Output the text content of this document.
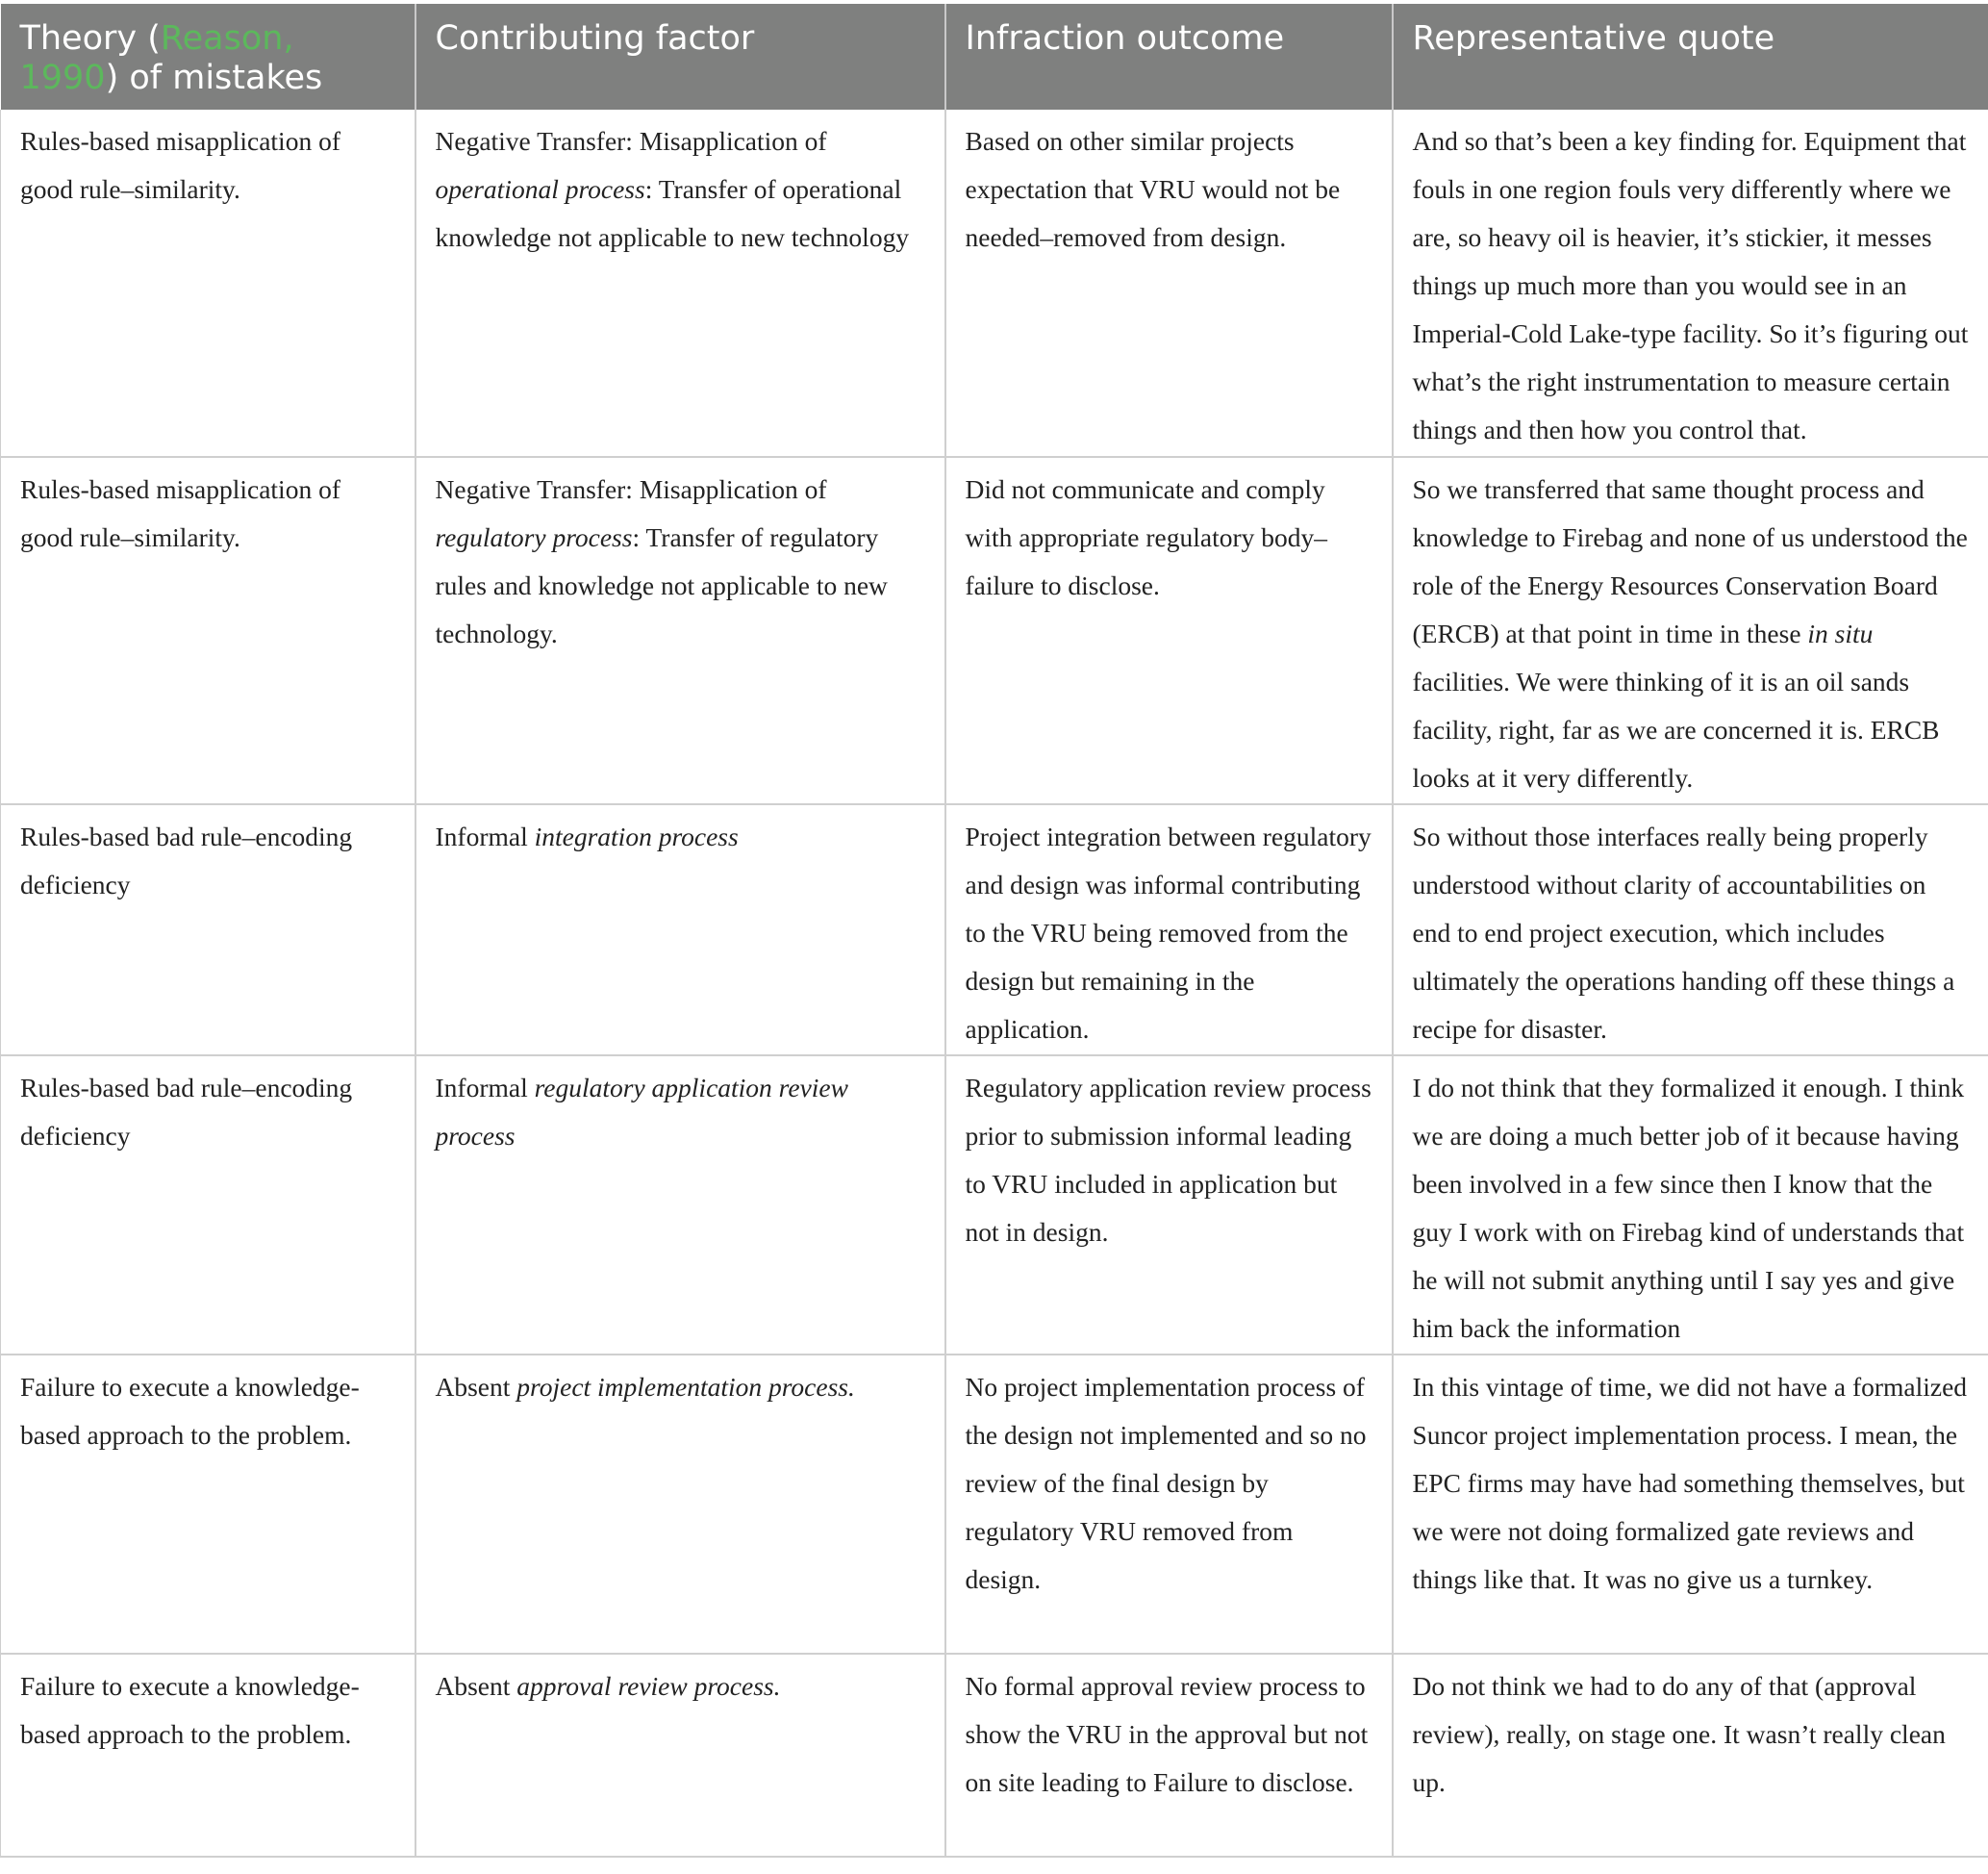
Theory (Reason, 1990) of mistakes	Contributing factor	Infraction outcome	Representative quote
Rules-based misapplication of good rule–similarity.	Negative Transfer: Misapplication of operational process: Transfer of operational knowledge not applicable to new technology	Based on other similar projects expectation that VRU would not be needed–removed from design.	And so that’s been a key finding for. Equipment that fouls in one region fouls very differently where we are, so heavy oil is heavier, it’s stickier, it messes things up much more than you would see in an Imperial-Cold Lake-type facility. So it’s figuring out what’s the right instrumentation to measure certain things and then how you control that.
Rules-based misapplication of good rule–similarity.	Negative Transfer: Misapplication of regulatory process: Transfer of regulatory rules and knowledge not applicable to new technology.	Did not communicate and comply with appropriate regulatory body–failure to disclose.	So we transferred that same thought process and knowledge to Firebag and none of us understood the role of the Energy Resources Conservation Board (ERCB) at that point in time in these in situ facilities. We were thinking of it is an oil sands facility, right, far as we are concerned it is. ERCB looks at it very differently.
Rules-based bad rule–encoding deficiency	Informal integration process	Project integration between regulatory and design was informal contributing to the VRU being removed from the design but remaining in the application.	So without those interfaces really being properly understood without clarity of accountabilities on end to end project execution, which includes ultimately the operations handing off these things a recipe for disaster.
Rules-based bad rule–encoding deficiency	Informal regulatory application review process	Regulatory application review process prior to submission informal leading to VRU included in application but not in design.	I do not think that they formalized it enough. I think we are doing a much better job of it because having been involved in a few since then I know that the guy I work with on Firebag kind of understands that he will not submit anything until I say yes and give him back the information
Failure to execute a knowledge-based approach to the problem.	Absent project implementation process.	No project implementation process of the design not implemented and so no review of the final design by regulatory VRU removed from design.	In this vintage of time, we did not have a formalized Suncor project implementation process. I mean, the EPC firms may have had something themselves, but we were not doing formalized gate reviews and things like that. It was no give us a turnkey.
Failure to execute a knowledge-based approach to the problem.	Absent approval review process.	No formal approval review process to show the VRU in the approval but not on site leading to Failure to disclose.	Do not think we had to do any of that (approval review), really, on stage one. It wasn’t really clean up.
